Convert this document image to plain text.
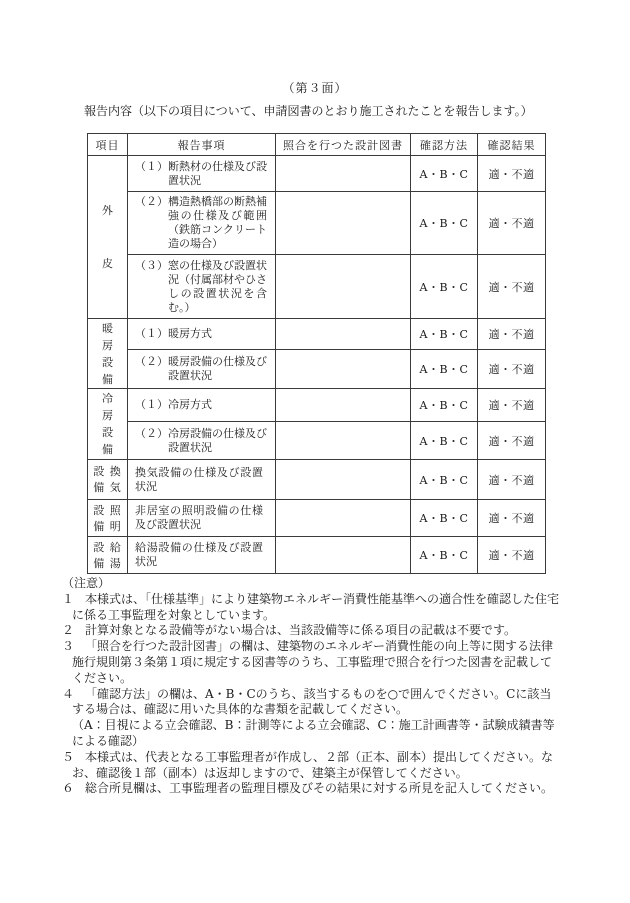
（第３面）
報告内容（以下の項目について、申請図書のとおり施工されたことを報告します。）
項目	報告事項	照合を行つた設計図書	確認方法	確認結果

外
皮	（１）断熱材の仕様及び設置状況		A・B・C	適・不適
	（２）構造熱橋部の断熱補強の仕様及び範囲（鉄筋コンクリート造の場合）		A・B・C	適・不適
	（３）窓の仕様及び設置状況（付属部材やひさしの設置状況を含む。）		A・B・C	適・不適

暖
房
設
備	（１）暖房方式		A・B・C	適・不適
	（２）暖房設備の仕様及び設置状況		A・B・C	適・不適

冷
房
設
備	（１）冷房方式		A・B・C	適・不適
	（２）冷房設備の仕様及び設置状況		A・B・C	適・不適

設 換
備 気	換気設備の仕様及び設置状況		A・B・C	適・不適

設 照
備 明	非居室の照明設備の仕様及び設置状況		A・B・C	適・不適

設 給
備 湯	給湯設備の仕様及び設置状況		A・B・C	適・不適
（注意）
１ 本様式は、「仕様基準」により建築物エネルギー消費性能基準への適合性を確認した住宅に係る工事監理を対象としています。
２ 計算対象となる設備等がない場合は、当該設備等に係る項目の記載は不要です。
３ 「照合を行つた設計図書」の欄は、建築物のエネルギー消費性能の向上等に関する法律施行規則第３条第１項に規定する図書等のうち、工事監理で照合を行つた図書を記載してください。
４ 「確認方法」の欄は、A・B・Cのうち、該当するものを○で囲んでください。Cに該当する場合は、確認に用いた具体的な書類を記載してください。
（A：目視による立会確認、B：計測等による立会確認、C：施工計画書等・試験成績書等による確認）
５ 本様式は、代表となる工事監理者が作成し、２部（正本、副本）提出してください。なお、確認後１部（副本）は返却しますので、建築主が保管してください。
６ 総合所見欄は、工事監理者の監理目標及びその結果に対する所見を記入してください。
